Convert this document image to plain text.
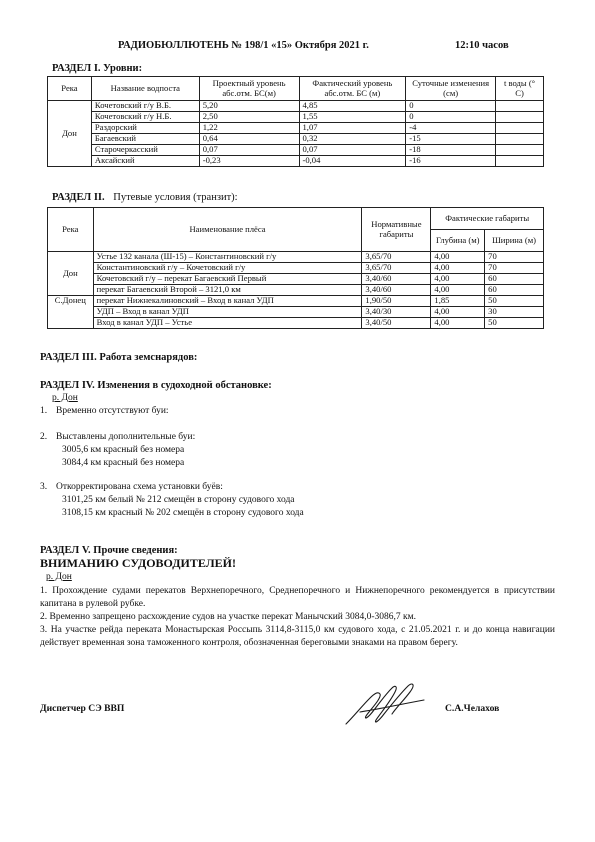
РАДИОБЮЛЛЮТЕНЬ № 198/1 «15» Октября 2021 г.	12:10 часов
РАЗДЕЛ I. Уровни:
Река	Название водпоста	Проектный уровень абс.отм. БС(м)	Фактический уровень абс.отм. БС (м)	Суточные изменения (см)	t воды (° С)
Дон	Кочетовский г/у В.Б.	5,20	4,85	0	
	Кочетовский г/у Н.Б.	2,50	1,55	0	
	Раздорский	1,22	1,07	-4	
	Багаевский	0,64	0,32	-15	
	Старочеркасский	0,07	0,07	-18	
	Аксайский	-0,23	-0,04	-16	
РАЗДЕЛ II. Путевые условия (транзит):
Река	Наименование плёса	Нормативные габариты	Фактические габариты	
			Глубина (м)	Ширина (м)
Дон	Устье 132 канала (Ш-15) – Константиновский г/у	3,65/70	4,00	70
	Константиновский г/у – Кочетовский г/у	3,65/70	4,00	70
	Кочетовский г/у – перекат Багаевский Первый	3,40/60	4,00	60
	перекат Багаевский Второй – 3121,0 км	3,40/60	4,00	60
С.Донец	перекат Нижнекалиновский – Вход в канал УДП	1,90/50	1,85	50
	УДП – Вход в канал УДП	3,40/30	4,00	30
	Вход в канал УДП – Устье	3,40/50	4,00	50
РАЗДЕЛ III. Работа земснарядов:
РАЗДЕЛ IV. Изменения в судоходной обстановке:
р. Дон
1. Временно отсутствуют буи:
2. Выставлены дополнительные буи:
3005,6 км красный без номера
3084,4 км красный без номера
3. Откорректирована схема установки буёв:
3101,25 км белый № 212 смещён в сторону судового хода
3108,15 км красный № 202 смещён в сторону судового хода
РАЗДЕЛ V. Прочие сведения:
ВНИМАНИЮ СУДОВОДИТЕЛЕЙ!
р. Дон
1. Прохождение судами перекатов Верхнепоречного, Среднепоречного и Нижнепоречного рекомендуется в присутствии капитана в рулевой рубке.
2. Временно запрещено расхождение судов на участке перекат Манычский 3084,0-3086,7 км.
3. На участке рейда переката Монастырская Россыпь 3114,8-3115,0 км судового хода, с 21.05.2021 г. и до конца навигации действует временная зона таможенного контроля, обозначенная береговыми знаками на правом берегу.
Диспетчер СЭ ВВП	С.А.Челахов
